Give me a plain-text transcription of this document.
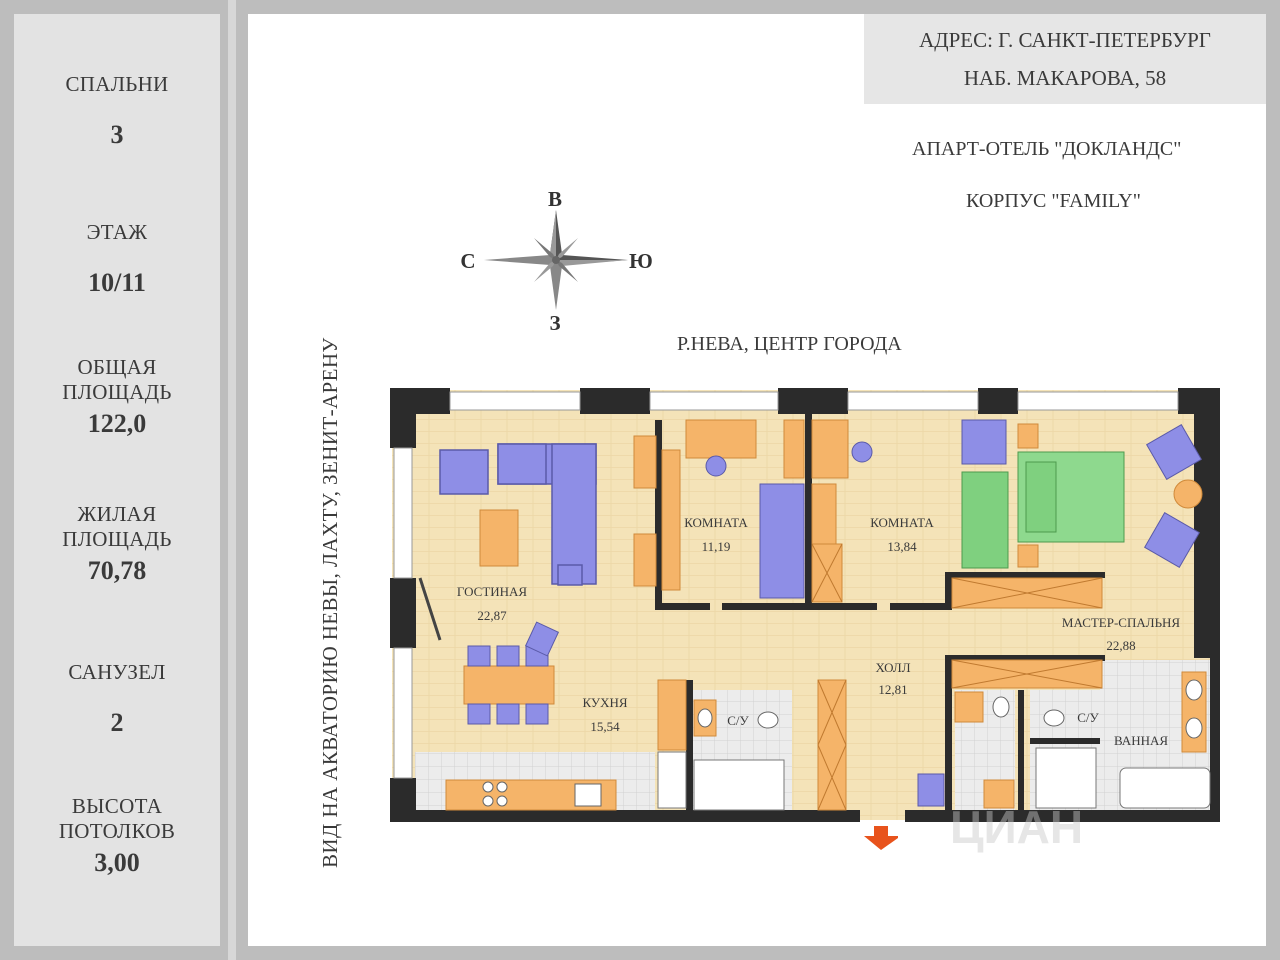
СПАЛЬНИ
3
ЭТАЖ
10/11
ОБЩАЯ
ПЛОЩАДЬ
122,0
ЖИЛАЯ
ПЛОЩАДЬ
70,78
САНУЗЕЛ
2
ВЫСОТА
ПОТОЛКОВ
3,00
АДРЕС: Г. САНКТ-ПЕТЕРБУРГ
НАБ. МАКАРОВА, 58
АПАРТ-ОТЕЛЬ "ДОКЛАНДС"
КОРПУС "FAMILY"
В
З
С	Ю
ГОСТИНАЯ
22,87
КОМНАТА
11,19
КОМНАТА
13,84
МАСТЕР-СПАЛЬНЯ
22,88
ХОЛЛ
12,81
КУХНЯ
15,54	С/У	С/У
ВАННАЯ
Р.НЕВА, ЦЕНТР ГОРОДА
ВИД НА АКВАТОРИЮ НЕВЫ, ЛАХТУ, ЗЕНИТ-АРЕНУ	ЦИАН
